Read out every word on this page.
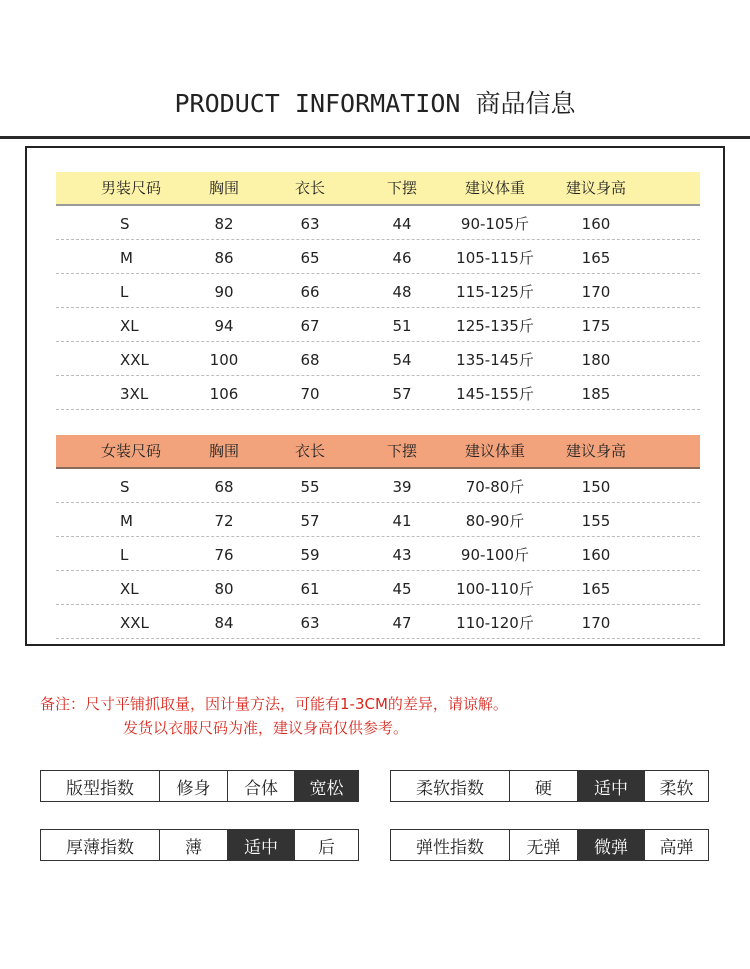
PRODUCT INFORMATION 商品信息
男装尺码	胸围	衣长	下摆	建议体重	建议身高
S	82	63	44	90-105斤	160
M	86	65	46	105-115斤	165
L	90	66	48	115-125斤	170
XL	94	67	51	125-135斤	175
XXL	100	68	54	135-145斤	180
3XL	106	70	57	145-155斤	185
女装尺码	胸围	衣长	下摆	建议体重	建议身高
S	68	55	39	70-80斤	150
M	72	57	41	80-90斤	155
L	76	59	43	90-100斤	160
XL	80	61	45	100-110斤	165
XXL	84	63	47	110-120斤	170
备注：尺寸平铺抓取量，因计量方法，可能有1-3CM的差异，请谅解。
发货以衣服尺码为准，建议身高仅供参考。
版型指数	修身	合体	宽松	柔软指数	硬	适中	柔软
厚薄指数	薄	适中	后	弹性指数	无弹	微弹	高弹
